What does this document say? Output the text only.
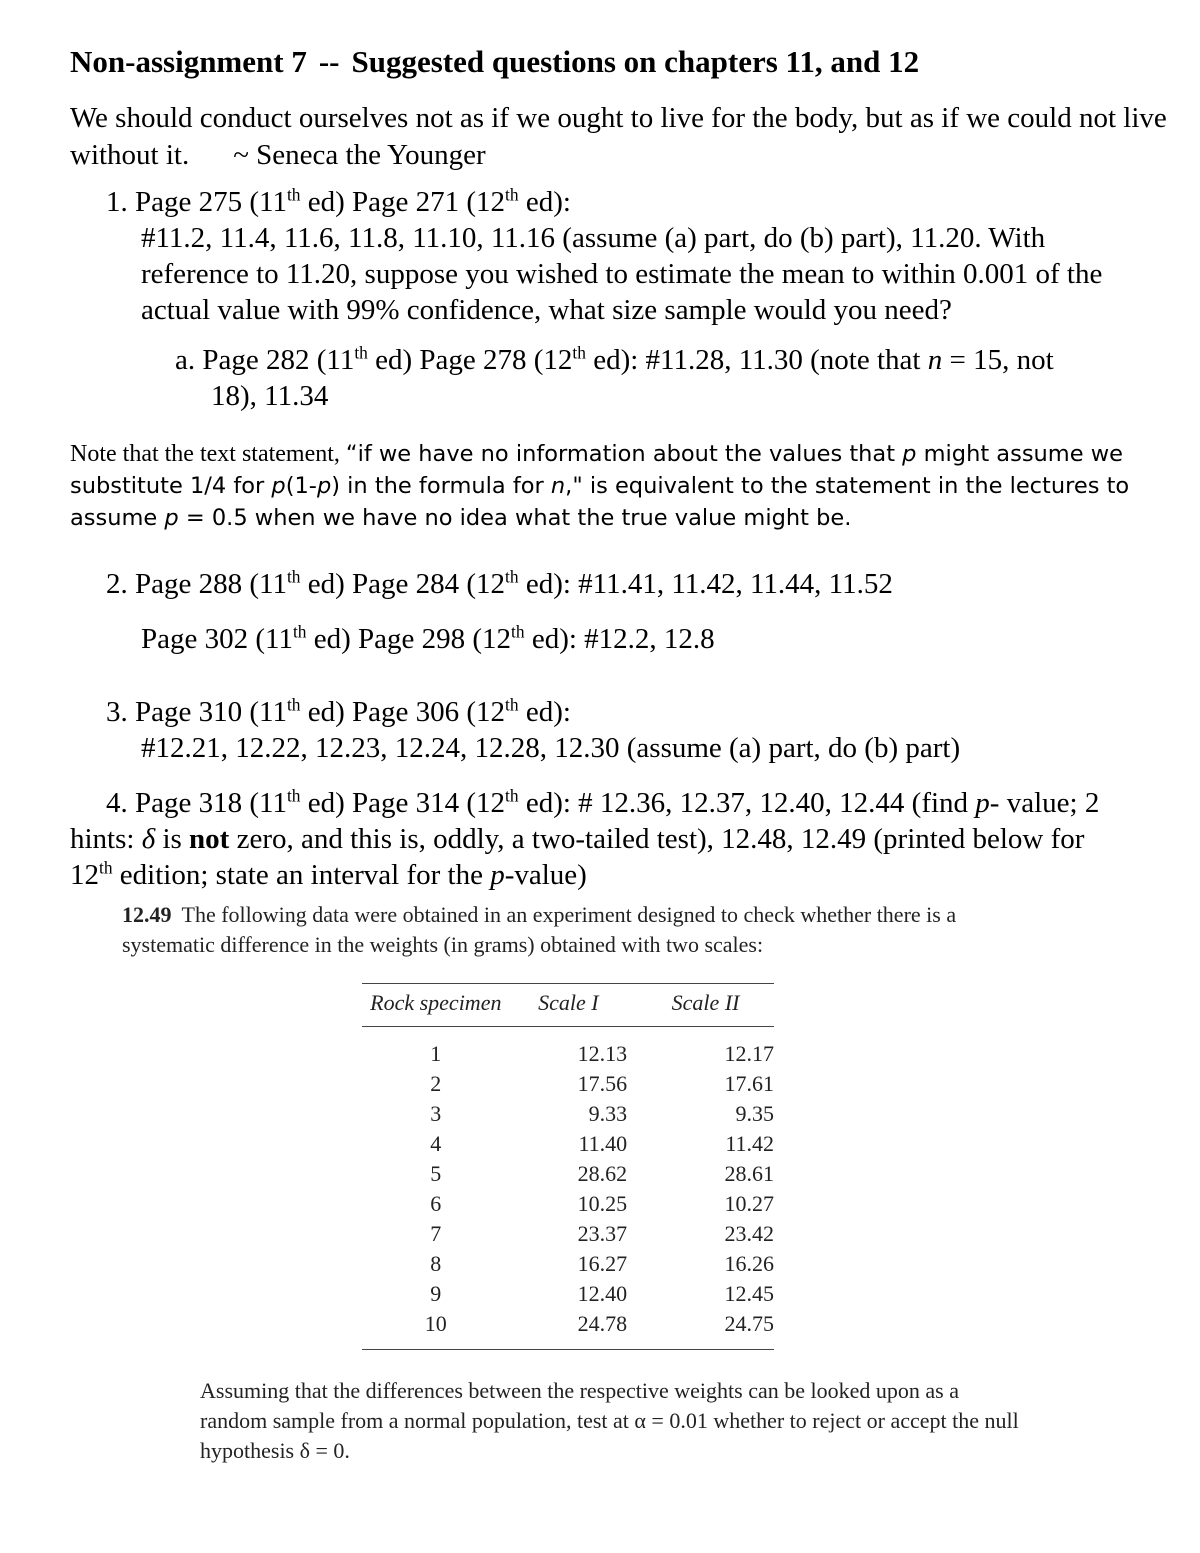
Non-assignment 7 -- Suggested questions on chapters 11, and 12
We should conduct ourselves not as if we ought to live for the body, but as if we could not live without it. ~ Seneca the Younger
1. Page 275 (11th ed) Page 271 (12th ed):
#11.2, 11.4, 11.6, 11.8, 11.10, 11.16 (assume (a) part, do (b) part), 11.20. With reference to 11.20, suppose you wished to estimate the mean to within 0.001 of the actual value with 99% confidence, what size sample would you need?
a. Page 282 (11th ed) Page 278 (12th ed): #11.28, 11.30 (note that n = 15, not 18), 11.34
Note that the text statement, “if we have no information about the values that p might assume we substitute 1/4 for p(1-p) in the formula for n," is equivalent to the statement in the lectures to assume p = 0.5 when we have no idea what the true value might be.
2. Page 288 (11th ed) Page 284 (12th ed): #11.41, 11.42, 11.44, 11.52
Page 302 (11th ed) Page 298 (12th ed): #12.2, 12.8
3. Page 310 (11th ed) Page 306 (12th ed):
#12.21, 12.22, 12.23, 12.24, 12.28, 12.30 (assume (a) part, do (b) part)
4. Page 318 (11th ed) Page 314 (12th ed): # 12.36, 12.37, 12.40, 12.44 (find p- value; 2 hints: δ is not zero, and this is, oddly, a two-tailed test), 12.48, 12.49 (printed below for 12th edition; state an interval for the p-value)
12.49 The following data were obtained in an experiment designed to check whether there is a systematic difference in the weights (in grams) obtained with two scales:
Rock specimen	Scale I	Scale II
1	12.13	12.17
2	17.56	17.61
3	9.33	9.35
4	11.40	11.42
5	28.62	28.61
6	10.25	10.27
7	23.37	23.42
8	16.27	16.26
9	12.40	12.45
10	24.78	24.75
Assuming that the differences between the respective weights can be looked upon as a random sample from a normal population, test at α = 0.01 whether to reject or accept the null hypothesis δ = 0.
